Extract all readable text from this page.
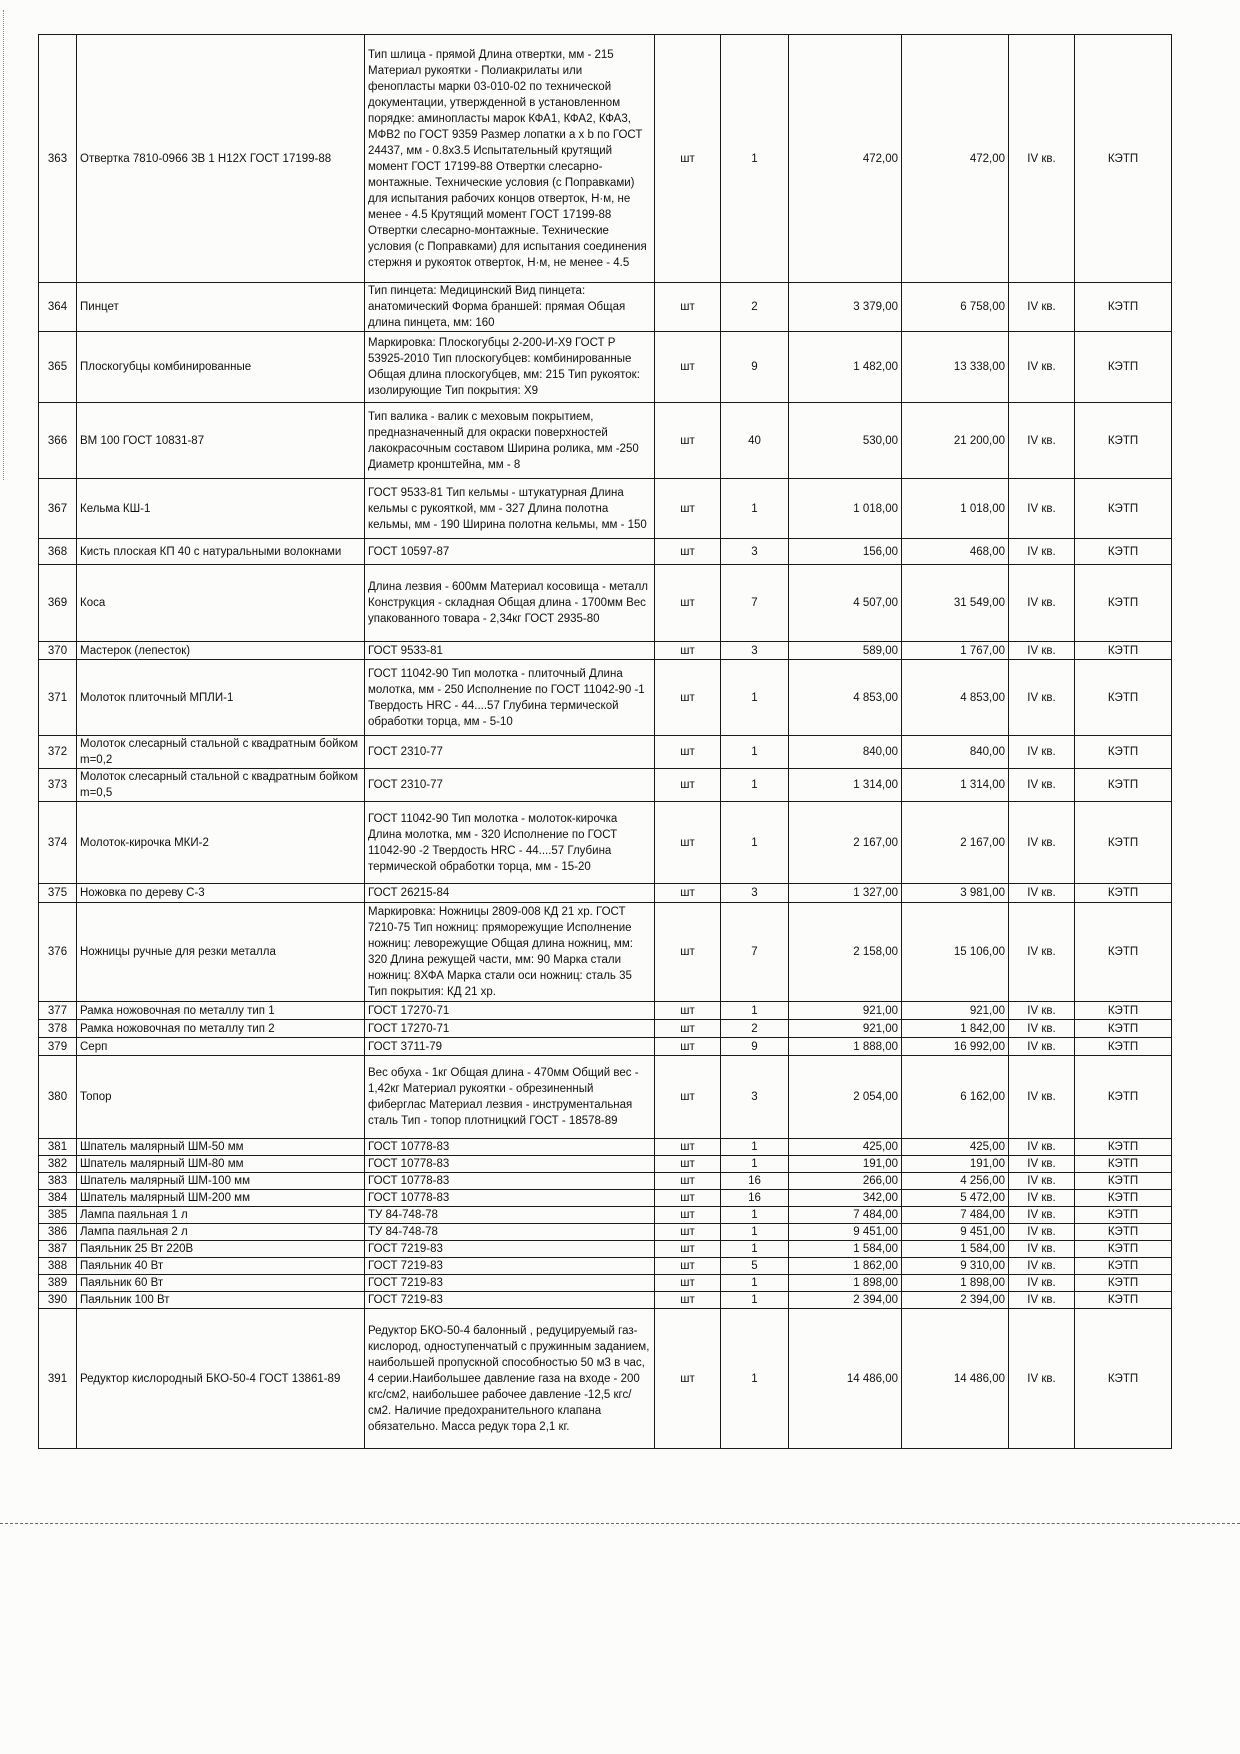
363	Отвертка 7810-0966 3В 1 Н12Х ГОСТ 17199-88	Тип шлица - прямой Длина отвертки, мм - 215 Материал рукоятки - Полиакрилаты или фенопласты марки 03-010-02 по технической документации, утвержденной в установленном порядке: аминопласты марок КФА1, КФА2, КФА3, МФВ2 по ГОСТ 9359 Размер лопатки a x b по ГОСТ 24437, мм - 0.8х3.5 Испытательный крутящий момент ГОСТ 17199-88 Отвертки слесарно-монтажные. Технические условия (с Поправками) для испытания рабочих концов отверток, Н·м, не менее - 4.5 Крутящий момент ГОСТ 17199-88 Отвертки слесарно-монтажные. Технические условия (с Поправками) для испытания соединения стержня и рукояток отверток, Н·м, не менее - 4.5	шт	1	472,00	472,00	IV кв.	КЭТП
364	Пинцет	Тип пинцета: Медицинский Вид пинцета: анатомический Форма браншей: прямая Общая длина пинцета, мм: 160	шт	2	3 379,00	6 758,00	IV кв.	КЭТП
365	Плоскогубцы комбинированные	Маркировка: Плоскогубцы 2-200-И-Х9 ГОСТ Р 53925-2010 Тип плоскогубцев: комбинированные Общая длина плоскогубцев, мм: 215 Тип рукояток: изолирующие Тип покрытия: Х9	шт	9	1 482,00	13 338,00	IV кв.	КЭТП
366	ВМ 100 ГОСТ 10831-87	Тип валика - валик с меховым покрытием, предназначенный для окраски поверхностей лакокрасочным составом Ширина ролика, мм -250 Диаметр кронштейна, мм - 8	шт	40	530,00	21 200,00	IV кв.	КЭТП
367	Кельма КШ-1	ГОСТ 9533-81 Тип кельмы - штукатурная Длина кельмы с рукояткой, мм - 327 Длина полотна кельмы, мм - 190 Ширина полотна кельмы, мм - 150	шт	1	1 018,00	1 018,00	IV кв.	КЭТП
368	Кисть плоская КП 40 с натуральными волокнами	ГОСТ 10597-87	шт	3	156,00	468,00	IV кв.	КЭТП
369	Коса	Длина лезвия - 600мм Материал косовища - металл Конструкция - складная Общая длина - 1700мм Вес упакованного товара - 2,34кг ГОСТ 2935-80	шт	7	4 507,00	31 549,00	IV кв.	КЭТП
370	Мастерок (лепесток)	ГОСТ 9533-81	шт	3	589,00	1 767,00	IV кв.	КЭТП
371	Молоток плиточный МПЛИ-1	ГОСТ 11042-90 Тип молотка - плиточный Длина молотка, мм - 250 Исполнение по ГОСТ 11042-90 -1 Твердость HRC - 44....57 Глубина термической обработки торца, мм - 5-10	шт	1	4 853,00	4 853,00	IV кв.	КЭТП
372	Молоток слесарный стальной с квадратным бойком m=0,2	ГОСТ 2310-77	шт	1	840,00	840,00	IV кв.	КЭТП
373	Молоток слесарный стальной с квадратным бойком m=0,5	ГОСТ 2310-77	шт	1	1 314,00	1 314,00	IV кв.	КЭТП
374	Молоток-кирочка МКИ-2	ГОСТ 11042-90 Тип молотка - молоток-кирочка Длина молотка, мм - 320 Исполнение по ГОСТ 11042-90 -2 Твердость HRC - 44....57 Глубина термической обработки торца, мм - 15-20	шт	1	2 167,00	2 167,00	IV кв.	КЭТП
375	Ножовка по дереву С-3	ГОСТ 26215-84	шт	3	1 327,00	3 981,00	IV кв.	КЭТП
376	Ножницы ручные для резки металла	Маркировка: Ножницы 2809-008 КД 21 хр. ГОСТ 7210-75 Тип ножниц: пряморежущие Исполнение ножниц: леворежущие Общая длина ножниц, мм: 320 Длина режущей части, мм: 90 Марка стали ножниц: 8ХФА Марка стали оси ножниц: сталь 35 Тип покрытия: КД 21 хр.	шт	7	2 158,00	15 106,00	IV кв.	КЭТП
377	Рамка ножовочная по металлу тип 1	ГОСТ 17270-71	шт	1	921,00	921,00	IV кв.	КЭТП
378	Рамка ножовочная по металлу тип 2	ГОСТ 17270-71	шт	2	921,00	1 842,00	IV кв.	КЭТП
379	Серп	ГОСТ 3711-79	шт	9	1 888,00	16 992,00	IV кв.	КЭТП
380	Топор	Вес обуха - 1кг Общая длина - 470мм Общий вес - 1,42кг Материал рукоятки - обрезиненный фиберглас Материал лезвия - инструментальная сталь Тип - топор плотницкий ГОСТ - 18578-89	шт	3	2 054,00	6 162,00	IV кв.	КЭТП
381	Шпатель малярный ШМ-50 мм	ГОСТ 10778-83	шт	1	425,00	425,00	IV кв.	КЭТП
382	Шпатель малярный ШМ-80 мм	ГОСТ 10778-83	шт	1	191,00	191,00	IV кв.	КЭТП
383	Шпатель малярный ШМ-100 мм	ГОСТ 10778-83	шт	16	266,00	4 256,00	IV кв.	КЭТП
384	Шпатель малярный ШМ-200 мм	ГОСТ 10778-83	шт	16	342,00	5 472,00	IV кв.	КЭТП
385	Лампа паяльная 1 л	ТУ 84-748-78	шт	1	7 484,00	7 484,00	IV кв.	КЭТП
386	Лампа паяльная 2 л	ТУ 84-748-78	шт	1	9 451,00	9 451,00	IV кв.	КЭТП
387	Паяльник 25 Вт 220В	ГОСТ 7219-83	шт	1	1 584,00	1 584,00	IV кв.	КЭТП
388	Паяльник 40 Вт	ГОСТ 7219-83	шт	5	1 862,00	9 310,00	IV кв.	КЭТП
389	Паяльник 60 Вт	ГОСТ 7219-83	шт	1	1 898,00	1 898,00	IV кв.	КЭТП
390	Паяльник 100 Вт	ГОСТ 7219-83	шт	1	2 394,00	2 394,00	IV кв.	КЭТП
391	Редуктор кислородный БКО-50-4 ГОСТ 13861-89	Редуктор БКО-50-4 балонный , редуцируемый газ- кислород, одноступенчатый с пружинным заданием, наибольшей пропускной способностью 50 м3 в час, 4 серии.Наибольшее давление газа на входе - 200 кгс/см2, наибольшее рабочее давление -12,5 кгс/см2. Наличие предохранительного клапана обязательно. Масса редук тора 2,1 кг.	шт	1	14 486,00	14 486,00	IV кв.	КЭТП
